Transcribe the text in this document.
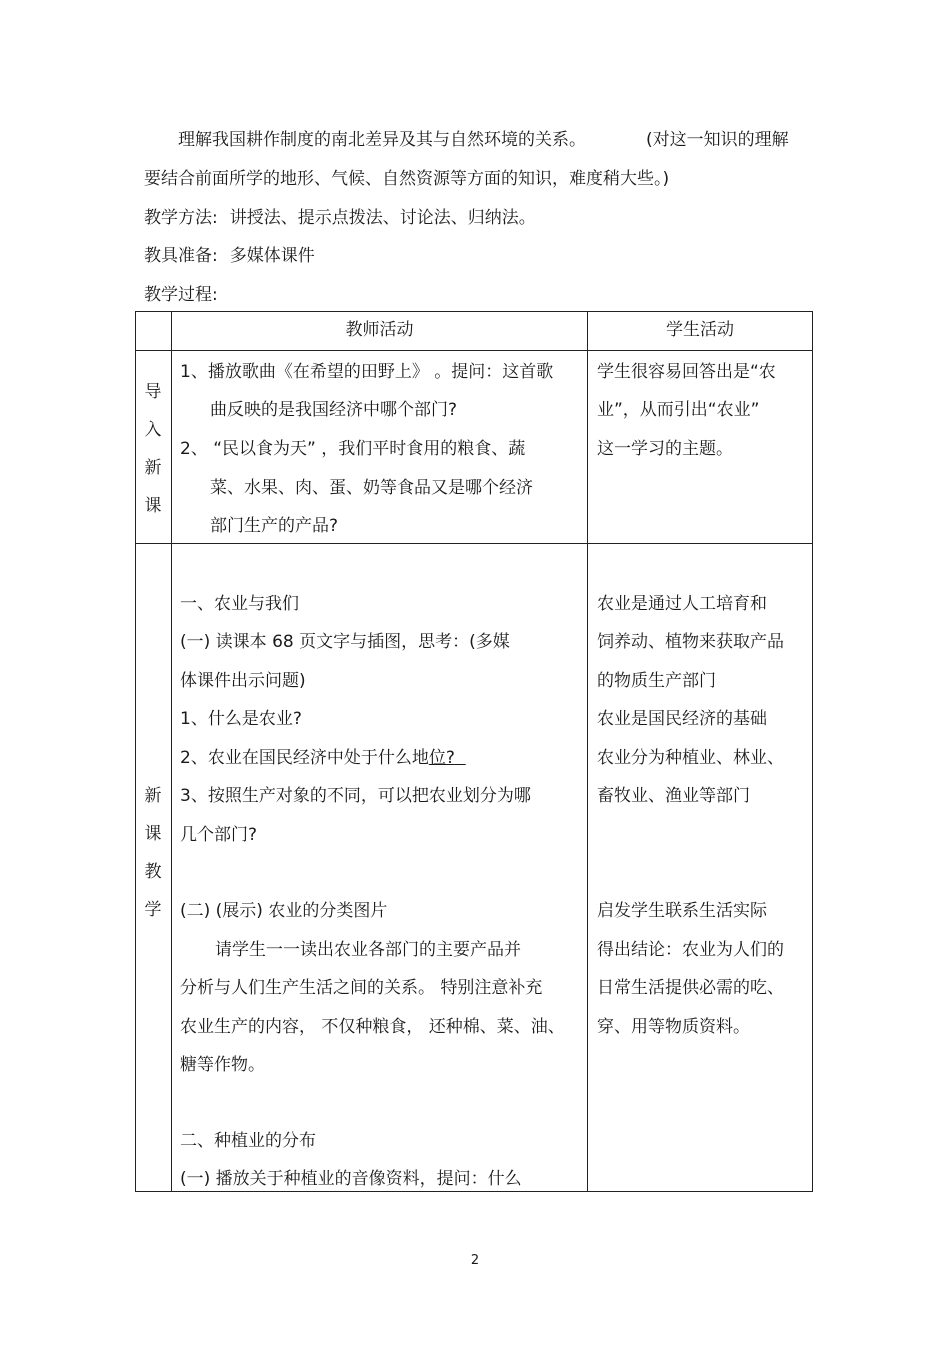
理解我国耕作制度的南北差异及其与自然环境的关系。	(对这一知识的理解
要结合前面所学的地形、气候、自然资源等方面的知识，难度稍大些。)
教学方法: 讲授法、提示点拨法、讨论法、归纳法。
教具准备: 多媒体课件
教学过程:
教师活动	学生活动
导
入
新
课
1、播放歌曲《在希望的田野上》 。提问：这首歌
曲反映的是我国经济中哪个部门?
2、 “民以食为天” ，我们平时食用的粮食、蔬
菜、水果、肉、蛋、奶等食品又是哪个经济
部门生产的产品?
学生很容易回答出是“农
业”，从而引出“农业”
这一学习的主题。
新
课
教
学
一、农业与我们
(一) 读课本 68 页文字与插图，思考：(多媒
体课件出示问题)
1、什么是农业?
2、农业在国民经济中处于什么地位?
3、按照生产对象的不同，可以把农业划分为哪
几个部门?
(二) (展示) 农业的分类图片
请学生一一读出农业各部门的主要产品并
分析与人们生产生活之间的关系。 特别注意补充
农业生产的内容， 不仅种粮食， 还种棉、菜、油、
糖等作物。
二、种植业的分布
(一) 播放关于种植业的音像资料，提问：什么
农业是通过人工培育和
饲养动、植物来获取产品
的物质生产部门
农业是国民经济的基础
农业分为种植业、林业、
畜牧业、渔业等部门
启发学生联系生活实际
得出结论：农业为人们的
日常生活提供必需的吃、
穿、用等物质资料。
2
